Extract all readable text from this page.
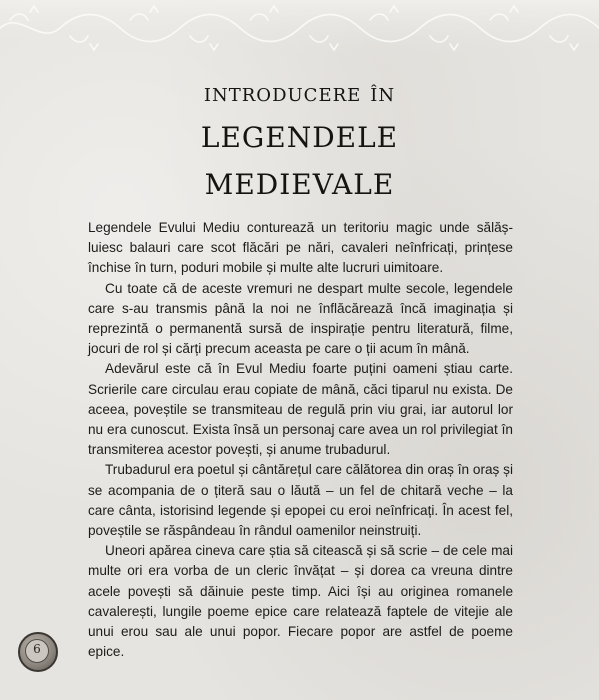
introducere în
legendele
medievale

Legendele Evului Mediu conturează un teritoriu magic unde sălășluiesc balauri care scot flăcări pe nări, cavaleri neînfricați, prințese închise în turn, poduri mobile și multe alte lucruri uimitoare.

Cu toate că de aceste vremuri ne despart multe secole, legendele care s-au transmis până la noi ne înflăcărează încă imaginația și reprezintă o permanentă sursă de inspirație pentru literatură, filme, jocuri de rol și cărți precum aceasta pe care o ții acum în mână.

Adevărul este că în Evul Mediu foarte puțini oameni știau carte. Scrierile care circulau erau copiate de mână, căci tiparul nu exista. De aceea, poveștile se transmiteau de regulă prin viu grai, iar autorul lor nu era cunoscut. Exista însă un personaj care avea un rol privilegiat în transmiterea acestor povești, și anume trubadurul.

Trubadurul era poetul și cântărețul care călătorea din oraș în oraș și se acompania de o țiteră sau o lăută – un fel de chitară veche – la care cânta, istorisind legende și epopei cu eroi neînfricați. În acest fel, poveștile se răspândeau în rândul oamenilor neinstruiți.

Uneori apărea cineva care știa să citească și să scrie – de cele mai multe ori era vorba de un cleric învățat – și dorea ca vreuna dintre acele povești să dăinuie peste timp. Aici își au originea romanele cavalerești, lungile poeme epice care relatează faptele de vitejie ale unui erou sau ale unui popor. Fiecare popor are astfel de poeme epice.

6
